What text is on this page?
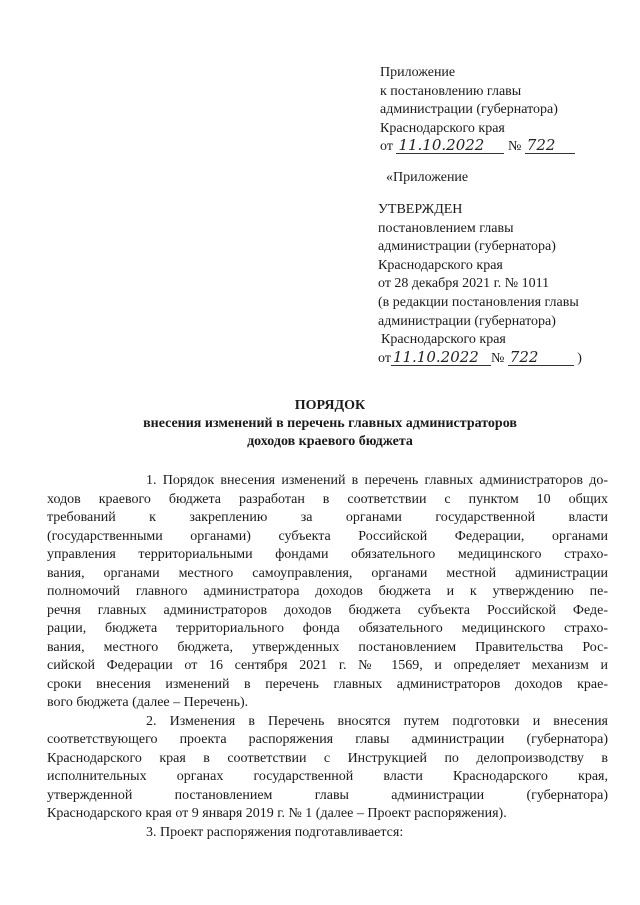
Приложение
к постановлению главы
администрации (губернатора)
Краснодарского края
от 11.10.2022 № 722
«Приложение
УТВЕРЖДЕН
постановлением главы
администрации (губернатора)
Краснодарского края
от 28 декабря 2021 г. № 1011
(в редакции постановления главы
администрации (губернатора)
Краснодарского края
от 11.10.2022 № 722	)
ПОРЯДОК
внесения изменений в перечень главных администраторов
доходов краевого бюджета
1. Порядок внесения изменений в перечень главных администраторов до-
ходов краевого бюджета разработан в соответствии с пунктом 10 общих
требований к закреплению за органами государственной власти
(государственными органами) субъекта Российской Федерации, органами
управления территориальными фондами обязательного медицинского страхо-
вания, органами местного самоуправления, органами местной администрации
полномочий главного администратора доходов бюджета и к утверждению пе-
речня главных администраторов доходов бюджета субъекта Российской Феде-
рации, бюджета территориального фонда обязательного медицинского страхо-
вания, местного бюджета, утвержденных постановлением Правительства Рос-
сийской Федерации от 16 сентября 2021 г. № 1569, и определяет механизм и
сроки внесения изменений в перечень главных администраторов доходов крае-
вого бюджета (далее – Перечень).
2. Изменения в Перечень вносятся путем подготовки и внесения
соответствующего проекта распоряжения главы администрации (губернатора)
Краснодарского края в соответствии с Инструкцией по делопроизводству в
исполнительных органах государственной власти Краснодарского края,
утвержденной постановлением главы администрации (губернатора)
Краснодарского края от 9 января 2019 г. № 1 (далее – Проект распоряжения).
3. Проект распоряжения подготавливается:
